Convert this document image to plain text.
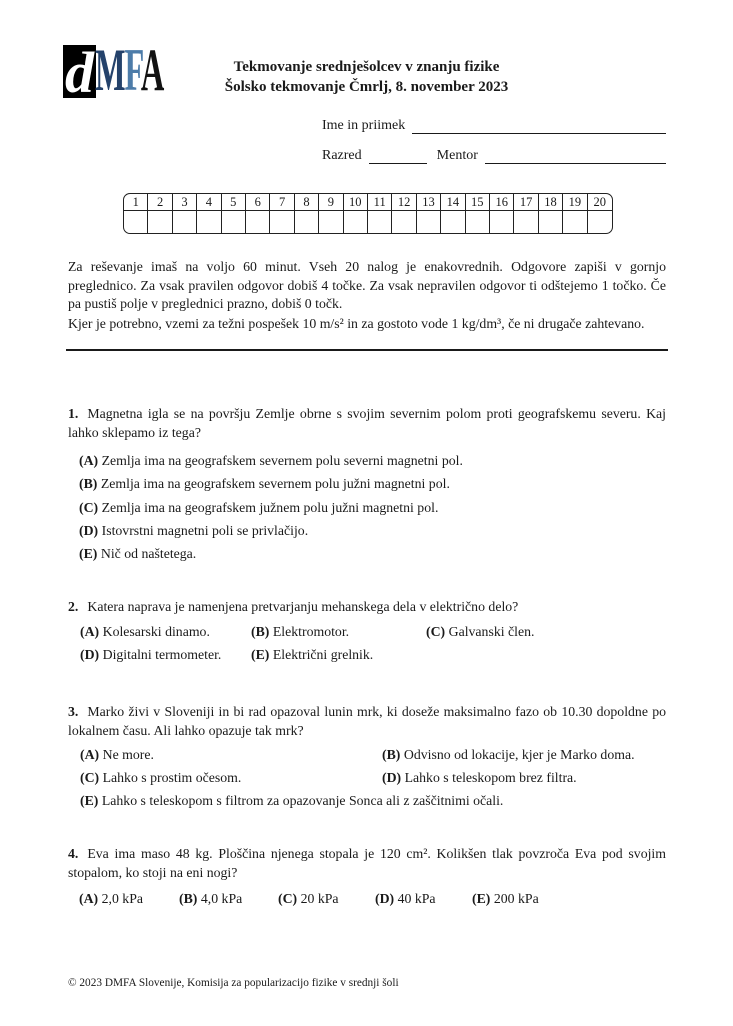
d MFA	Tekmovanje srednješolcev v znanju fizike
Šolsko tekmovanje Čmrlj, 8. november 2023
Ime in priimek
Razred	Mentor
1	2	3	4	5	6	7	8	9	10 11 12 13 14 15 16 17 18 19 20

Za reševanje imaš na voljo 60 minut. Vseh 20 nalog je enakovrednih. Odgovore zapiši v gornjo preglednico. Za vsak pravilen odgovor dobiš 4 točke. Za vsak nepravilen odgovor ti odštejemo 1 točko. Če pa pustiš polje v preglednici prazno, dobiš 0 točk.

Kjer je potrebno, vzemi za težni pospešek 10 m/s² in za gostoto vode 1 kg/dm³, če ni drugače zahtevano.

1. Magnetna igla se na površju Zemlje obrne s svojim severnim polom proti geografskemu severu. Kaj lahko sklepamo iz tega?

(A) Zemlja ima na geografskem severnem polu severni magnetni pol.
(B) Zemlja ima na geografskem severnem polu južni magnetni pol.
(C) Zemlja ima na geografskem južnem polu južni magnetni pol.
(D) Istovrstni magnetni poli se privlačijo.
(E) Nič od naštetega.

2. Katera naprava je namenjena pretvarjanju mehanskega dela v električno delo?

(A) Kolesarski dinamo.	(B) Elektromotor.	(C) Galvanski člen.
(D) Digitalni termometer.	(E) Električni grelnik.

3. Marko živi v Sloveniji in bi rad opazoval lunin mrk, ki doseže maksimalno fazo ob 10.30 dopoldne po lokalnem času. Ali lahko opazuje tak mrk?

(A) Ne more.	(B) Odvisno od lokacije, kjer je Marko doma.
(C) Lahko s prostim očesom.	(D) Lahko s teleskopom brez filtra.
(E) Lahko s teleskopom s filtrom za opazovanje Sonca ali z zaščitnimi očali.

4. Eva ima maso 48 kg. Ploščina njenega stopala je 120 cm². Kolikšen tlak povzroča Eva pod svojim stopalom, ko stoji na eni nogi?

(A) 2,0 kPa	(B) 4,0 kPa	(C) 20 kPa	(D) 40 kPa	(E) 200 kPa
© 2023 DMFA Slovenije, Komisija za popularizacijo fizike v srednji šoli
